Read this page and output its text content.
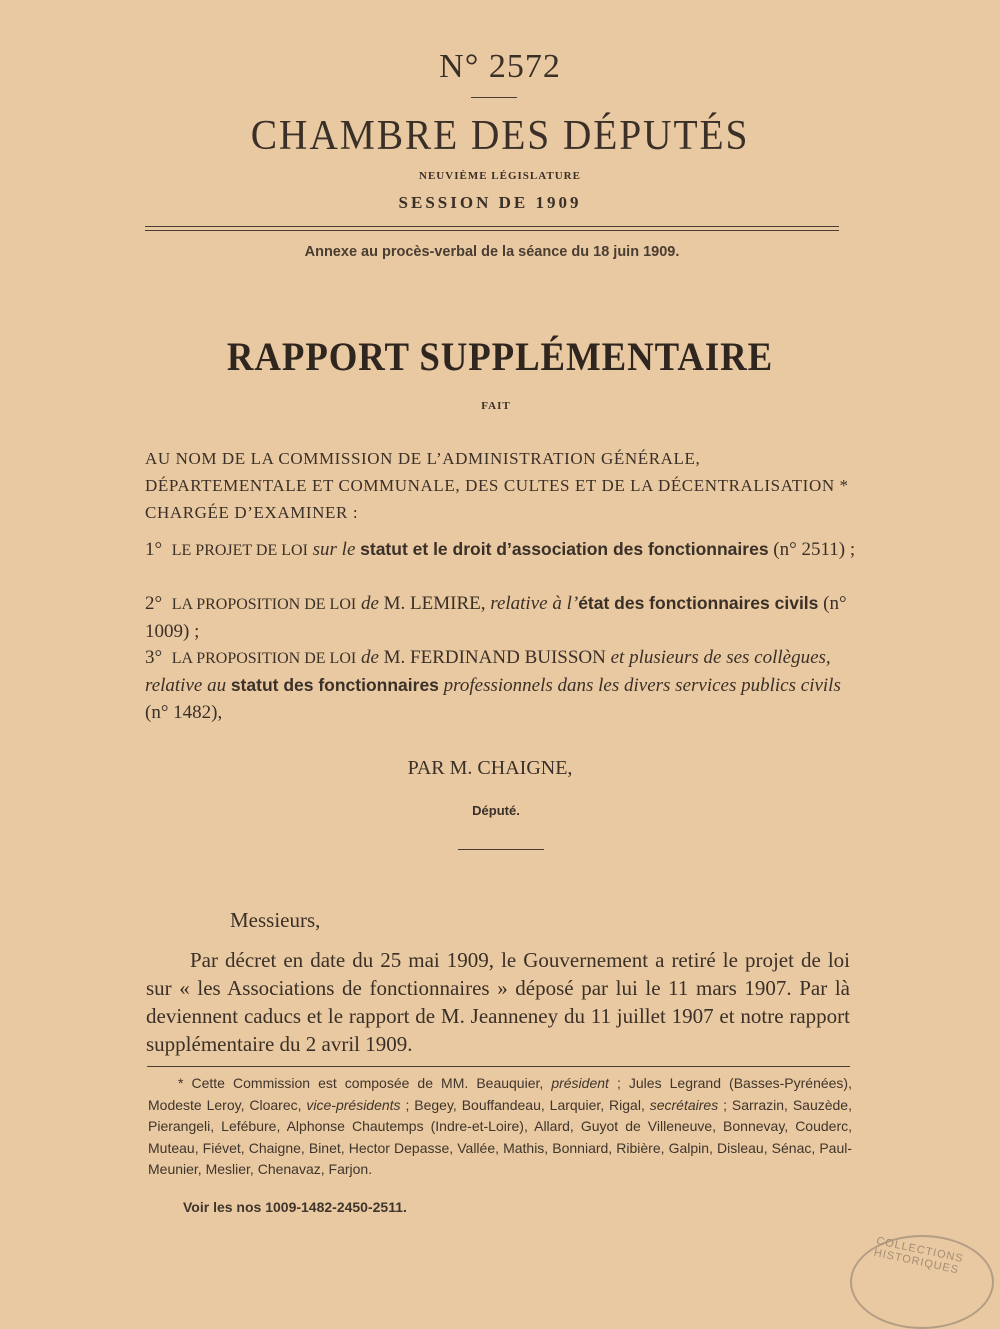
N° 2572
CHAMBRE DES DÉPUTÉS
NEUVIÈME LÉGISLATURE
SESSION DE 1909
Annexe au procès-verbal de la séance du 18 juin 1909.
RAPPORT SUPPLÉMENTAIRE
FAIT
AU NOM DE LA COMMISSION DE L’ADMINISTRATION GÉNÉRALE, DÉPARTEMENTALE ET COMMUNALE, DES CULTES ET DE LA DÉCENTRALISATION * CHARGÉE D’EXAMINER :
1° LE PROJET DE LOI sur le statut et le droit d’association des fonctionnaires (n° 2511) ;
2° LA PROPOSITION DE LOI de M. LEMIRE, relative à l’état des fonctionnaires civils (n° 1009) ;
3° LA PROPOSITION DE LOI de M. FERDINAND BUISSON et plusieurs de ses collègues, relative au statut des fonctionnaires professionnels dans les divers services publics civils (n° 1482),
PAR M. CHAIGNE,
Député.
Messieurs,
Par décret en date du 25 mai 1909, le Gouvernement a retiré le projet de loi sur « les Associations de fonctionnaires » déposé par lui le 11 mars 1907. Par là deviennent caducs et le rapport de M. Jeanneney du 11 juillet 1907 et notre rapport supplémentaire du 2 avril 1909.
* Cette Commission est composée de MM. Beauquier, président ; Jules Legrand (Basses-Pyrénées), Modeste Leroy, Cloarec, vice-présidents ; Begey, Bouffandeau, Larquier, Rigal, secrétaires ; Sarrazin, Sauzède, Pierangeli, Lefébure, Alphonse Chautemps (Indre-et-Loire), Allard, Guyot de Villeneuve, Bonnevay, Couderc, Muteau, Fiévet, Chaigne, Binet, Hector Depasse, Vallée, Mathis, Bonniard, Ribière, Galpin, Disleau, Sénac, Paul-Meunier, Meslier, Chenavaz, Farjon.
Voir les nos 1009-1482-2450-2511.
COLLECTIONS HISTORIQUES
